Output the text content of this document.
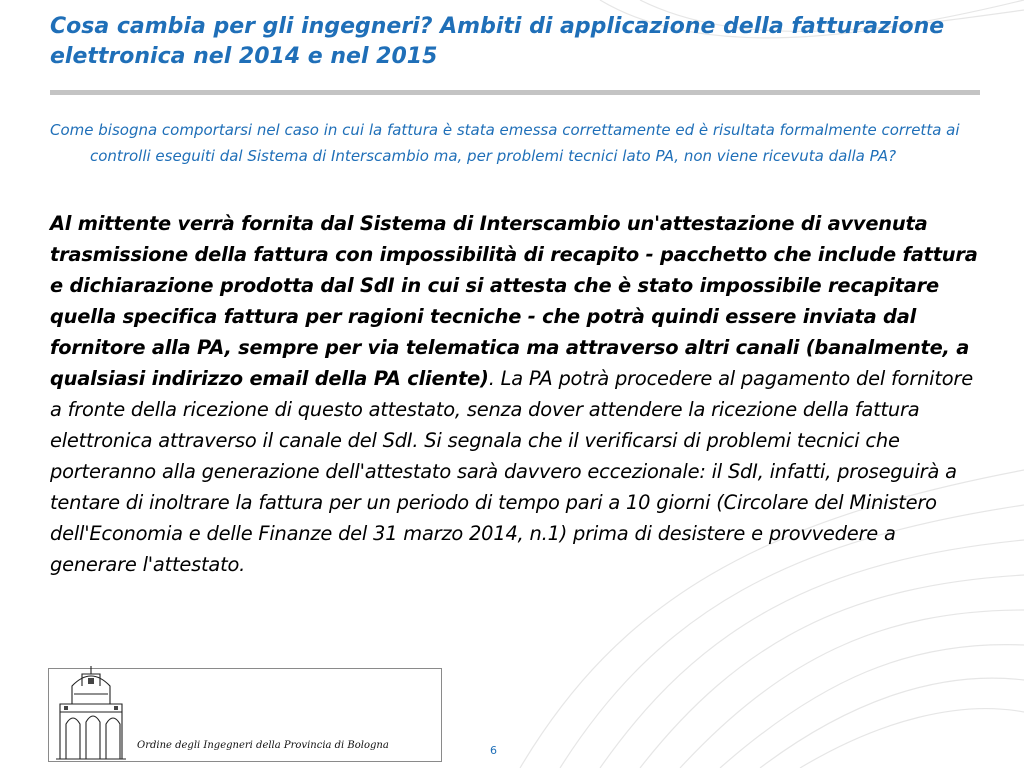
Cosa cambia per gli ingegneri? Ambiti di applicazione della fatturazione elettronica nel 2014 e nel 2015
Come bisogna comportarsi nel caso in cui la fattura è stata emessa correttamente ed è risultata formalmente corretta ai controlli eseguiti dal Sistema di Interscambio ma, per problemi tecnici lato PA, non viene ricevuta dalla PA?
Al mittente verrà fornita dal Sistema di Interscambio un'attestazione di avvenuta trasmissione della fattura con impossibilità di recapito - pacchetto che include fattura e dichiarazione prodotta dal SdI in cui si attesta che è stato impossibile recapitare quella specifica fattura per ragioni tecniche - che potrà quindi essere inviata dal fornitore alla PA, sempre per via telematica ma attraverso altri canali (banalmente, a qualsiasi indirizzo email della PA cliente). La PA potrà procedere al pagamento del fornitore a fronte della ricezione di questo attestato, senza dover attendere la ricezione della fattura elettronica attraverso il canale del SdI. Si segnala che il verificarsi di problemi tecnici che porteranno alla generazione dell'attestato sarà davvero eccezionale: il SdI, infatti, proseguirà a tentare di inoltrare la fattura per un periodo di tempo pari a 10 giorni (Circolare del Ministero dell'Economia e delle Finanze del 31 marzo 2014, n.1) prima di desistere e provvedere a generare l'attestato.
Ordine degli Ingegneri della Provincia di Bologna	6
